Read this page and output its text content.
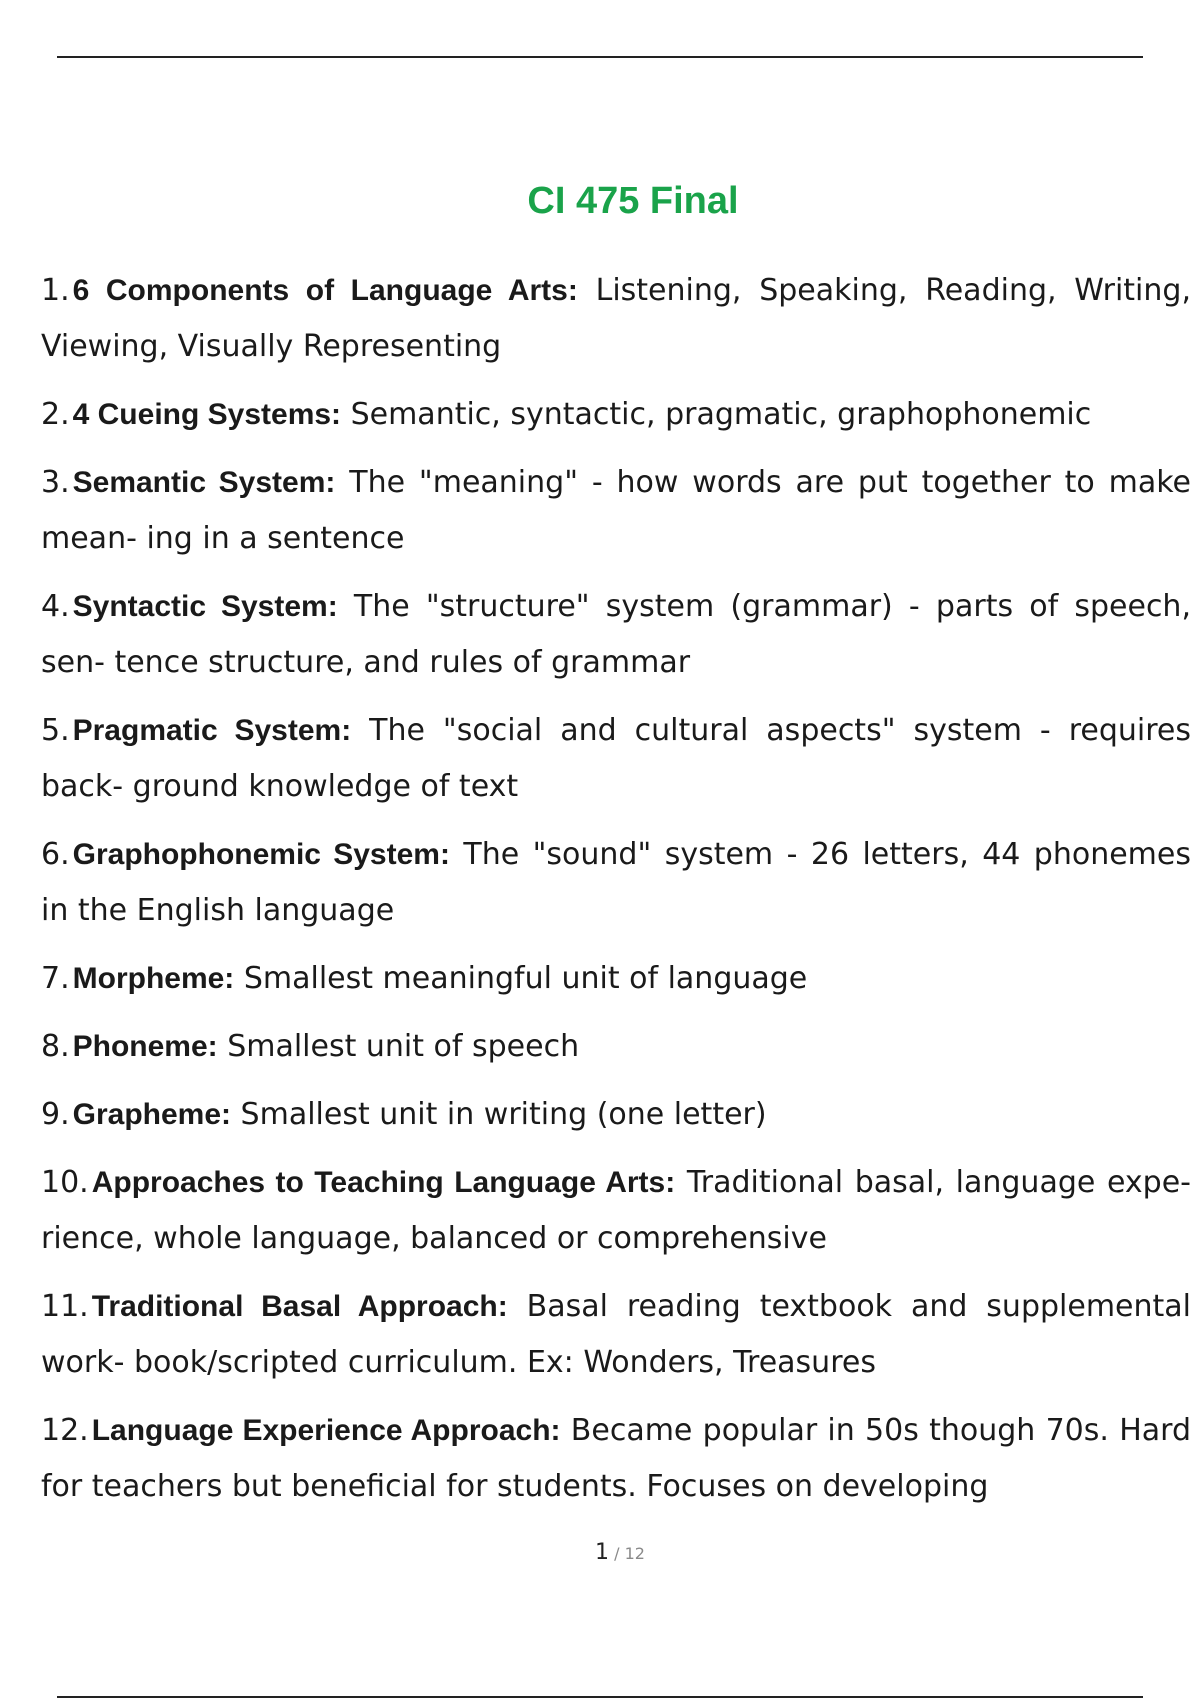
CI 475 Final

1. 6 Components of Language Arts: Listening, Speaking, Reading, Writing, Viewing, Visually Representing

2. 4 Cueing Systems: Semantic, syntactic, pragmatic, graphophonemic

3. Semantic System: The "meaning" - how words are put together to make mean- ing in a sentence

4. Syntactic System: The "structure" system (grammar) - parts of speech, sen- tence structure, and rules of grammar

5. Pragmatic System: The "social and cultural aspects" system - requires back- ground knowledge of text

6. Graphophonemic System: The "sound" system - 26 letters, 44 phonemes in the English language

7. Morpheme: Smallest meaningful unit of language

8. Phoneme: Smallest unit of speech

9. Grapheme: Smallest unit in writing (one letter)

10. Approaches to Teaching Language Arts: Traditional basal, language expe- rience, whole language, balanced or comprehensive

11. Traditional Basal Approach: Basal reading textbook and supplemental work- book/scripted curriculum. Ex: Wonders, Treasures

12. Language Experience Approach: Became popular in 50s though 70s. Hard for teachers but beneficial for students. Focuses on developing

1 / 12
